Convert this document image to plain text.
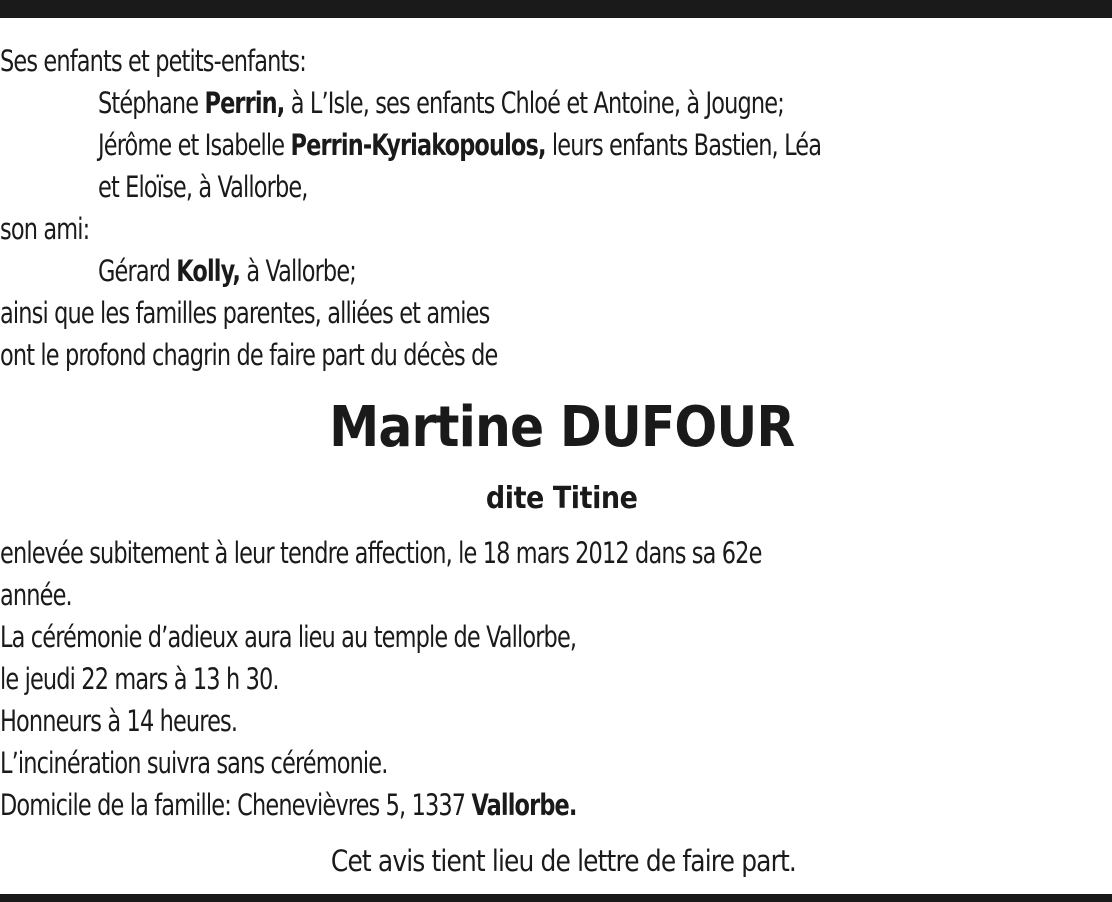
Ses enfants et petits-enfants:
Stéphane Perrin, à L’Isle, ses enfants Chloé et Antoine, à Jougne;
Jérôme et Isabelle Perrin-Kyriakopoulos, leurs enfants Bastien, Léa
et Eloïse, à Vallorbe,
son ami:
Gérard Kolly, à Vallorbe;
ainsi que les familles parentes, alliées et amies
ont le profond chagrin de faire part du décès de
Martine DUFOUR
dite Titine
enlevée subitement à leur tendre affection, le 18 mars 2012 dans sa 62e
année.
La cérémonie d’adieux aura lieu au temple de Vallorbe,
le jeudi 22 mars à 13 h 30.
Honneurs à 14 heures.
L’incinération suivra sans cérémonie.
Domicile de la famille: Chenevièvres 5, 1337 Vallorbe.
Cet avis tient lieu de lettre de faire part.
